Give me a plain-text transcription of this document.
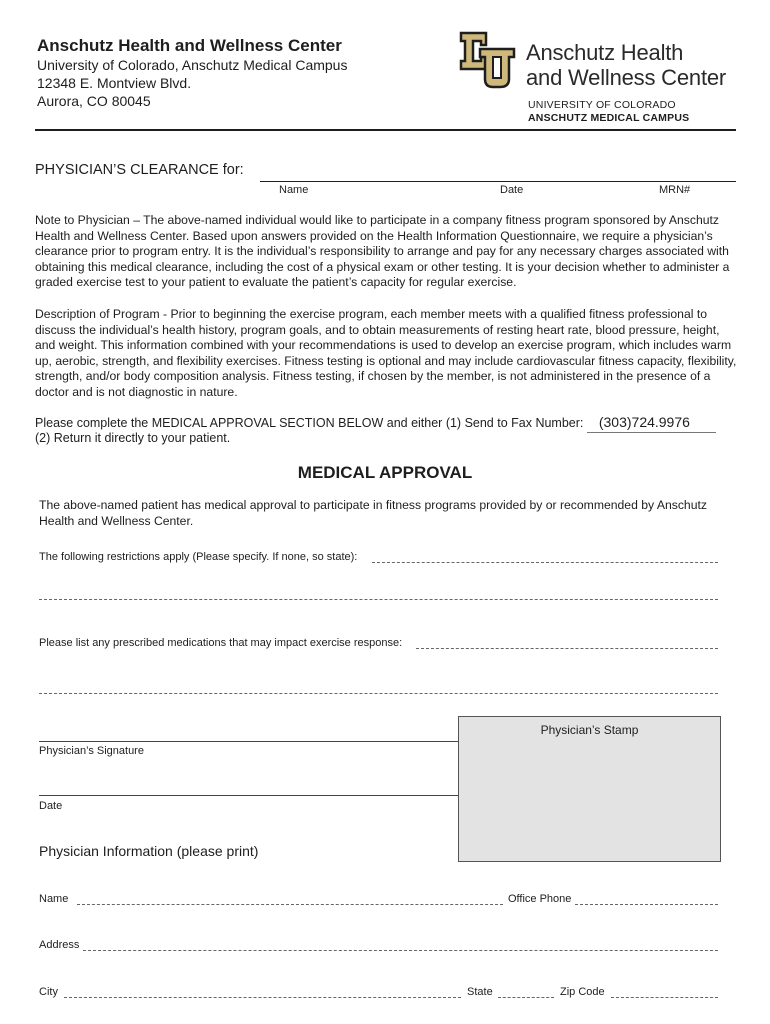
Anschutz Health and Wellness Center
University of Colorado, Anschutz Medical Campus
12348 E. Montview Blvd.
Aurora, CO 80045
Anschutz Health
and Wellness Center
UNIVERSITY OF COLORADO
ANSCHUTZ MEDICAL CAMPUS
PHYSICIAN’S CLEARANCE for:
Name	Date	MRN#
Note to Physician – The above-named individual would like to participate in a company fitness program sponsored by Anschutz Health and Wellness Center. Based upon answers provided on the Health Information Questionnaire, we require a physician’s clearance prior to program entry. It is the individual’s responsibility to arrange and pay for any necessary charges associated with obtaining this medical clearance, including the cost of a physical exam or other testing. It is your decision whether to administer a graded exercise test to your patient to evaluate the patient’s capacity for regular exercise.
Description of Program - Prior to beginning the exercise program, each member meets with a qualified fitness professional to discuss the individual’s health history, program goals, and to obtain measurements of resting heart rate, blood pressure, height, and weight. This information combined with your recommendations is used to develop an exercise program, which includes warm up, aerobic, strength, and flexibility exercises. Fitness testing is optional and may include cardiovascular fitness capacity, flexibility, strength, and/or body composition analysis. Fitness testing, if chosen by the member, is not administered in the presence of a doctor and is not diagnostic in nature.
Please complete the MEDICAL APPROVAL SECTION BELOW and either (1) Send to Fax Number: (303)724.9976
(2) Return it directly to your patient.
MEDICAL APPROVAL
The above-named patient has medical approval to participate in fitness programs provided by or recommended by Anschutz Health and Wellness Center.
The following restrictions apply (Please specify. If none, so state):
Please list any prescribed medications that may impact exercise response:
Physician’s Signature
Date
Physician’s Stamp
Physician Information (please print)
Name	Office Phone
Address
City	State	Zip Code
